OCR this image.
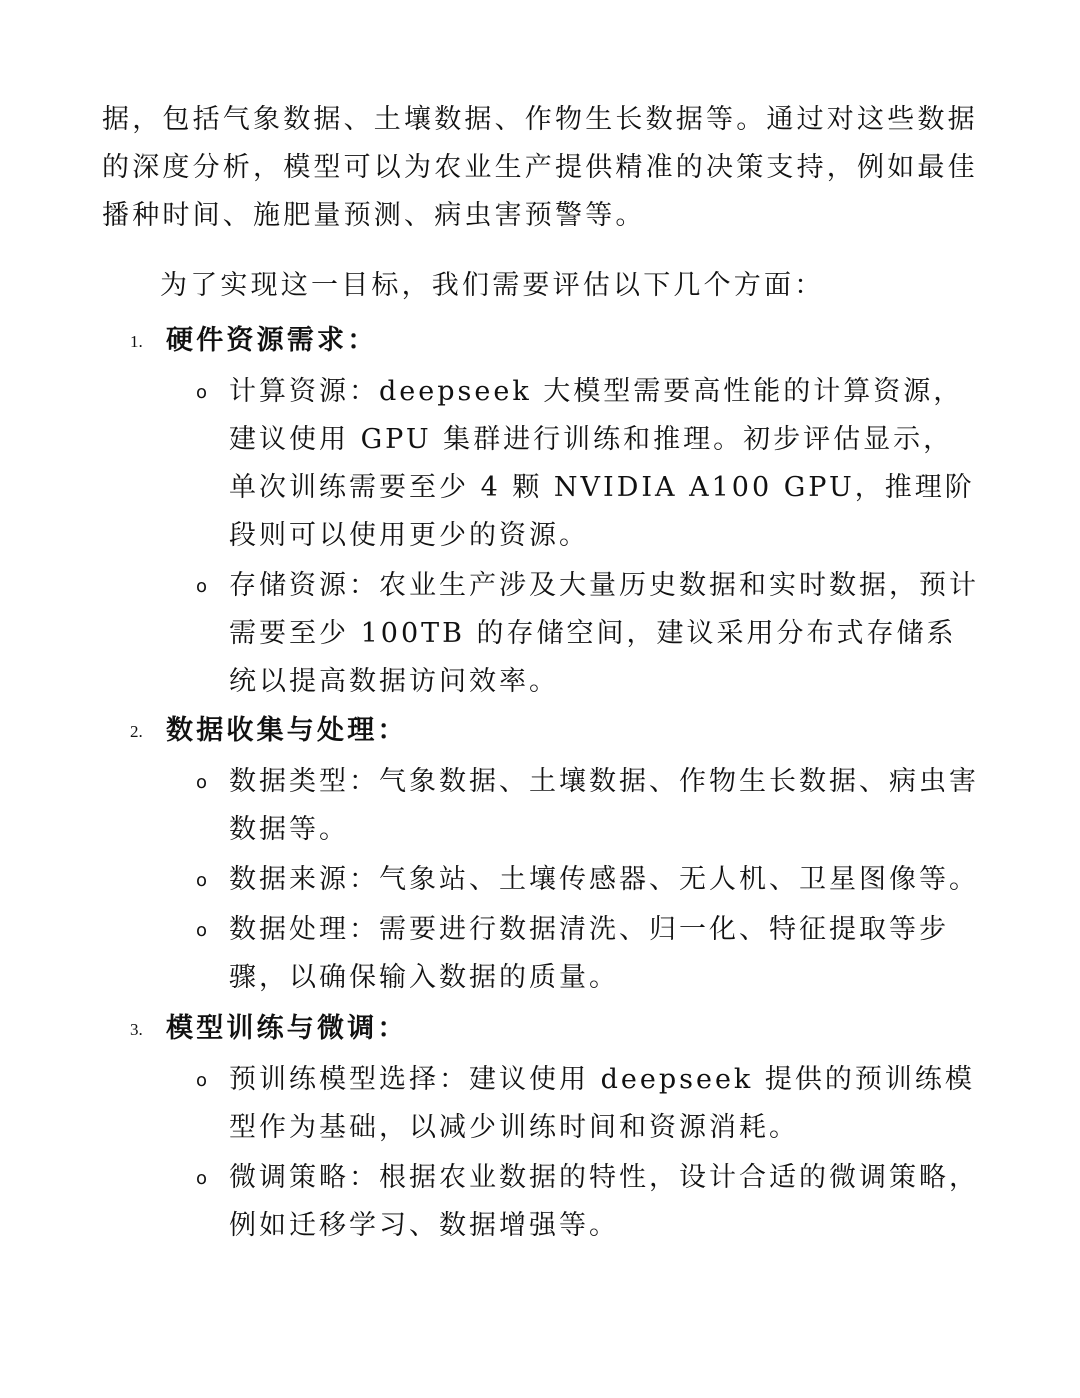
据，包括气象数据、土壤数据、作物生长数据等。通过对这些数据的深度分析，模型可以为农业生产提供精准的决策支持，例如最佳播种时间、施肥量预测、病虫害预警等。

为了实现这一目标，我们需要评估以下几个方面：

1. 硬件资源需求：
o 计算资源：deepseek 大模型需要高性能的计算资源，建议使用 GPU 集群进行训练和推理。初步评估显示，单次训练需要至少 4 颗 NVIDIA A100 GPU，推理阶段则可以使用更少的资源。

o 存储资源：农业生产涉及大量历史数据和实时数据，预计需要至少 100TB 的存储空间，建议采用分布式存储系统以提高数据访问效率。

2. 数据收集与处理：
o 数据类型：气象数据、土壤数据、作物生长数据、病虫害数据等。

o 数据来源：气象站、土壤传感器、无人机、卫星图像等。

o 数据处理：需要进行数据清洗、归一化、特征提取等步骤，以确保输入数据的质量。

3. 模型训练与微调：
o 预训练模型选择：建议使用 deepseek 提供的预训练模型作为基础，以减少训练时间和资源消耗。

o 微调策略：根据农业数据的特性，设计合适的微调策略，例如迁移学习、数据增强等。
